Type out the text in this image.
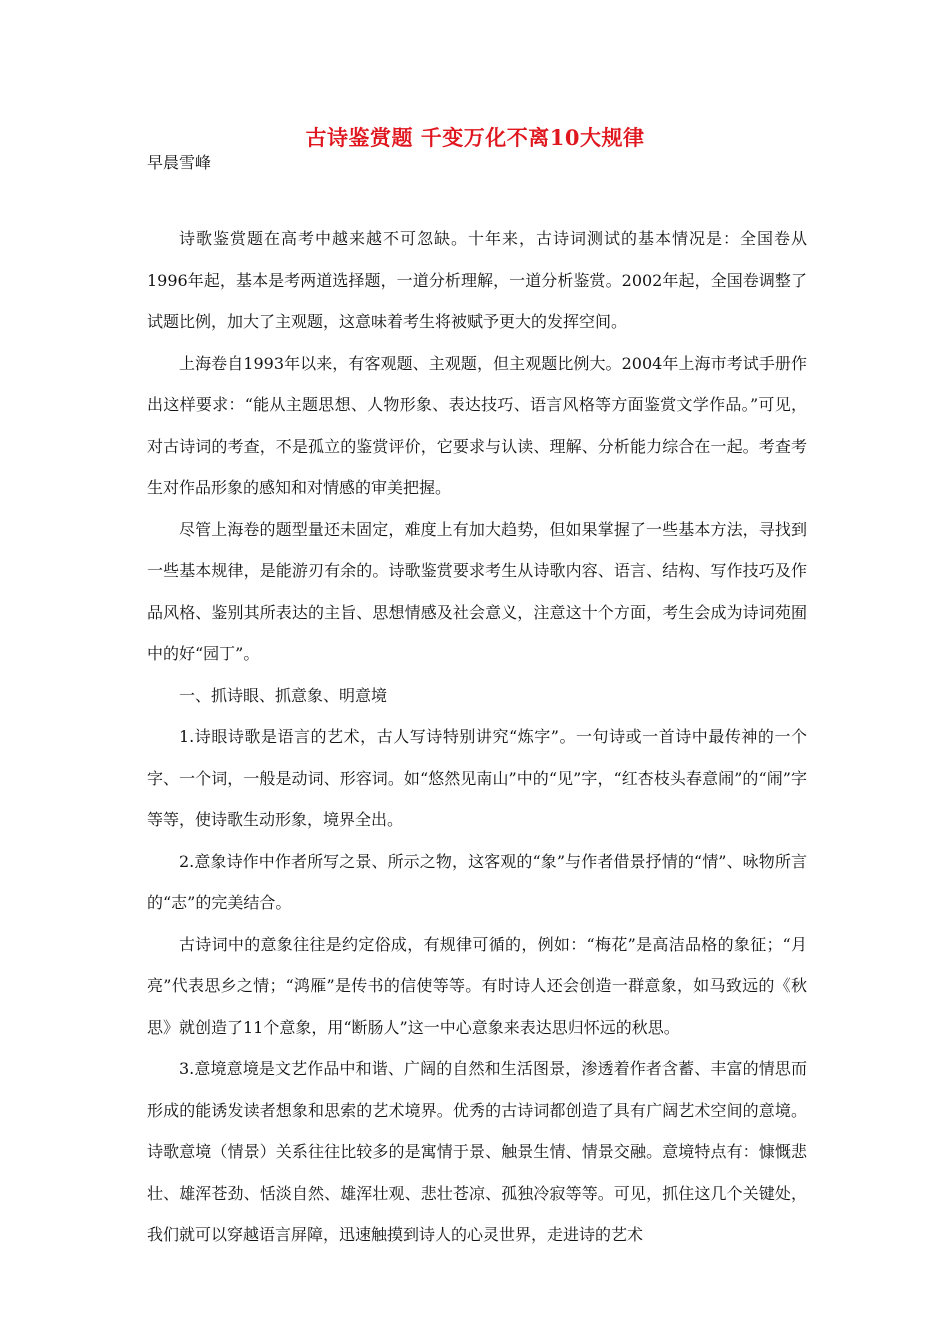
古诗鉴赏题 千变万化不离10大规律
早晨雪峰

诗歌鉴赏题在高考中越来越不可忽缺。十年来，古诗词测试的基本情况是：全国卷从1996年起，基本是考两道选择题，一道分析理解，一道分析鉴赏。2002年起，全国卷调整了试题比例，加大了主观题，这意味着考生将被赋予更大的发挥空间。

上海卷自1993年以来，有客观题、主观题，但主观题比例大。2004年上海市考试手册作出这样要求：“能从主题思想、人物形象、表达技巧、语言风格等方面鉴赏文学作品。”可见，对古诗词的考查，不是孤立的鉴赏评价，它要求与认读、理解、分析能力综合在一起。考查考生对作品形象的感知和对情感的审美把握。

尽管上海卷的题型量还未固定，难度上有加大趋势，但如果掌握了一些基本方法，寻找到一些基本规律，是能游刃有余的。诗歌鉴赏要求考生从诗歌内容、语言、结构、写作技巧及作品风格、鉴别其所表达的主旨、思想情感及社会意义，注意这十个方面，考生会成为诗词苑囿中的好“园丁”。

一、抓诗眼、抓意象、明意境

1.诗眼诗歌是语言的艺术，古人写诗特别讲究“炼字”。一句诗或一首诗中最传神的一个字、一个词，一般是动词、形容词。如“悠然见南山”中的“见”字，“红杏枝头春意闹”的“闹”字等等，使诗歌生动形象，境界全出。

2.意象诗作中作者所写之景、所示之物，这客观的“象”与作者借景抒情的“情”、咏物所言的“志”的完美结合。

古诗词中的意象往往是约定俗成，有规律可循的，例如：“梅花”是高洁品格的象征；“月亮”代表思乡之情；“鸿雁”是传书的信使等等。有时诗人还会创造一群意象，如马致远的《秋思》就创造了11个意象，用“断肠人”这一中心意象来表达思归怀远的秋思。

3.意境意境是文艺作品中和谐、广阔的自然和生活图景，渗透着作者含蓄、丰富的情思而形成的能诱发读者想象和思索的艺术境界。优秀的古诗词都创造了具有广阔艺术空间的意境。诗歌意境（情景）关系往往比较多的是寓情于景、触景生情、情景交融。意境特点有：慷慨悲壮、雄浑苍劲、恬淡自然、雄浑壮观、悲壮苍凉、孤独冷寂等等。可见，抓住这几个关键处，我们就可以穿越语言屏障，迅速触摸到诗人的心灵世界，走进诗的艺术
